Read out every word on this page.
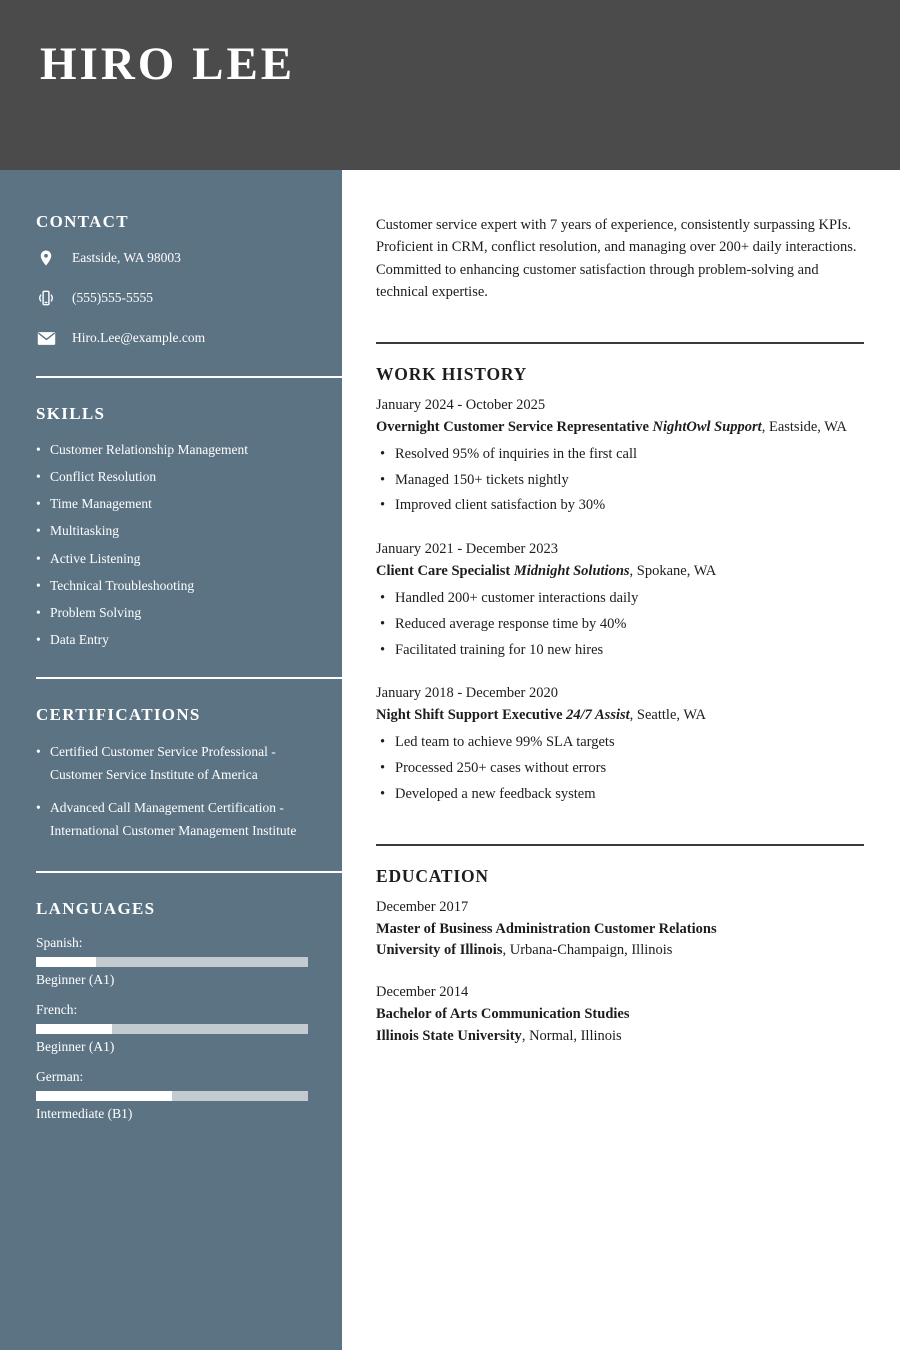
HIRO LEE
CONTACT
Eastside, WA 98003
(555)555-5555
Hiro.Lee@example.com
SKILLS
• Customer Relationship Management
• Conflict Resolution
• Time Management
• Multitasking
• Active Listening
• Technical Troubleshooting
• Problem Solving
• Data Entry
CERTIFICATIONS
• Certified Customer Service Professional - Customer Service Institute of America
• Advanced Call Management Certification - International Customer Management Institute
LANGUAGES
Spanish:
Beginner (A1)
French:
Beginner (A1)
German:
Intermediate (B1)

Customer service expert with 7 years of experience, consistently surpassing KPIs. Proficient in CRM, conflict resolution, and managing over 200+ daily interactions. Committed to enhancing customer satisfaction through problem-solving and technical expertise.

WORK HISTORY
January 2024 - October 2025
Overnight Customer Service Representative NightOwl Support, Eastside, WA
• Resolved 95% of inquiries in the first call
• Managed 150+ tickets nightly
• Improved client satisfaction by 30%
January 2021 - December 2023
Client Care Specialist Midnight Solutions, Spokane, WA
• Handled 200+ customer interactions daily
• Reduced average response time by 40%
• Facilitated training for 10 new hires
January 2018 - December 2020
Night Shift Support Executive 24/7 Assist, Seattle, WA
• Led team to achieve 99% SLA targets
• Processed 250+ cases without errors
• Developed a new feedback system
EDUCATION
December 2017
Master of Business Administration Customer Relations
University of Illinois, Urbana-Champaign, Illinois
December 2014
Bachelor of Arts Communication Studies
Illinois State University, Normal, Illinois
